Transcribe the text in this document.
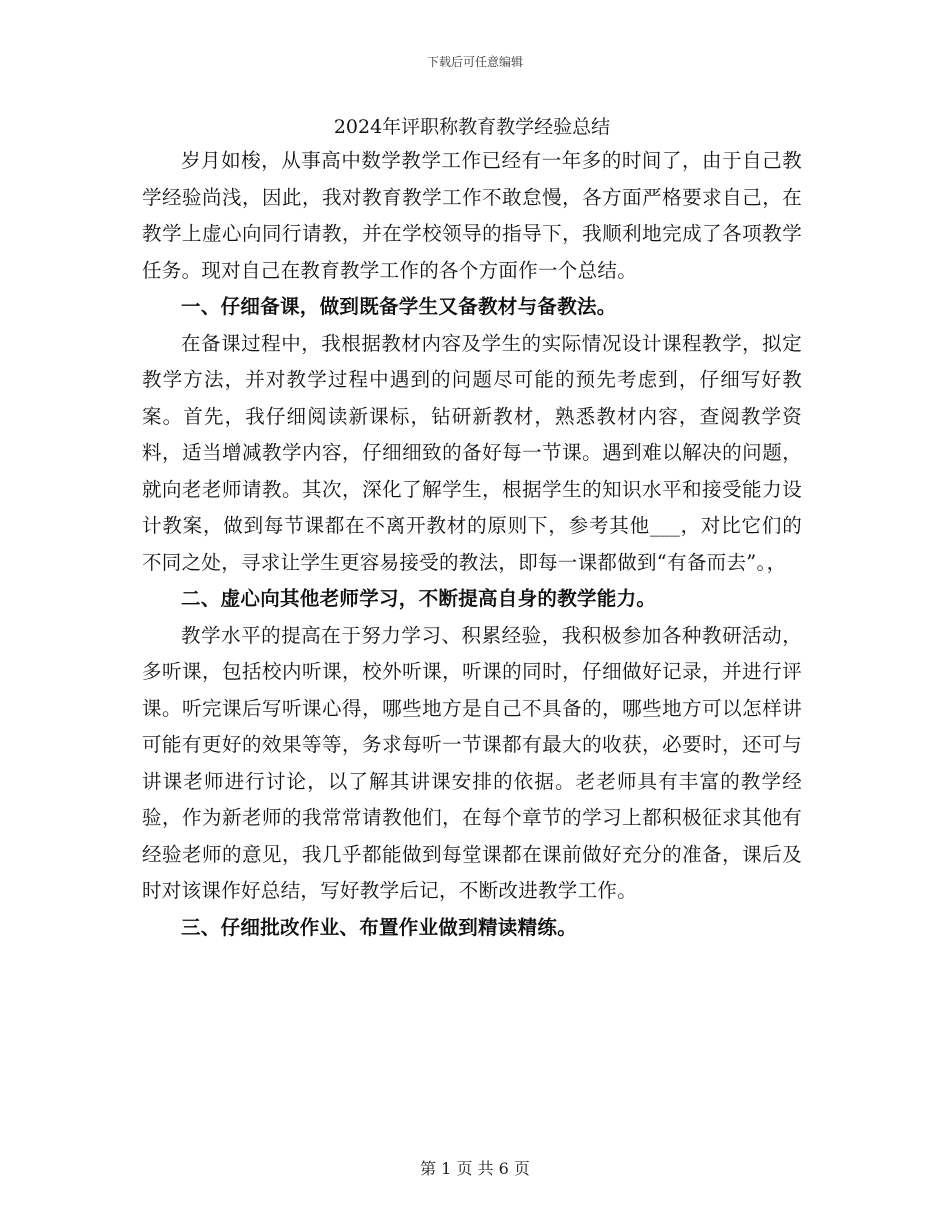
下载后可任意编辑
2024年评职称教育教学经验总结

岁月如梭，从事高中数学教学工作已经有一年多的时间了，由于自己教学经验尚浅，因此，我对教育教学工作不敢怠慢，各方面严格要求自己，在教学上虚心向同行请教，并在学校领导的指导下，我顺利地完成了各项教学任务。现对自己在教育教学工作的各个方面作一个总结。

一、仔细备课，做到既备学生又备教材与备教法。

在备课过程中，我根据教材内容及学生的实际情况设计课程教学，拟定教学方法，并对教学过程中遇到的问题尽可能的预先考虑到，仔细写好教案。首先，我仔细阅读新课标，钻研新教材，熟悉教材内容，查阅教学资料，适当增减教学内容，仔细细致的备好每一节课。遇到难以解决的问题，就向老老师请教。其次，深化了解学生，根据学生的知识水平和接受能力设计教案，做到每节课都在不离开教材的原则下，参考其他___，对比它们的不同之处，寻求让学生更容易接受的教法，即每一课都做到“有备而去”。，

二、虚心向其他老师学习，不断提高自身的教学能力。

教学水平的提高在于努力学习、积累经验，我积极参加各种教研活动，多听课，包括校内听课，校外听课，听课的同时，仔细做好记录，并进行评课。听完课后写听课心得，哪些地方是自己不具备的，哪些地方可以怎样讲可能有更好的效果等等，务求每听一节课都有最大的收获，必要时，还可与讲课老师进行讨论，以了解其讲课安排的依据。老老师具有丰富的教学经验，作为新老师的我常常请教他们，在每个章节的学习上都积极征求其他有经验老师的意见，我几乎都能做到每堂课都在课前做好充分的准备，课后及时对该课作好总结，写好教学后记，不断改进教学工作。

三、仔细批改作业、布置作业做到精读精练。

第 1 页 共 6 页
